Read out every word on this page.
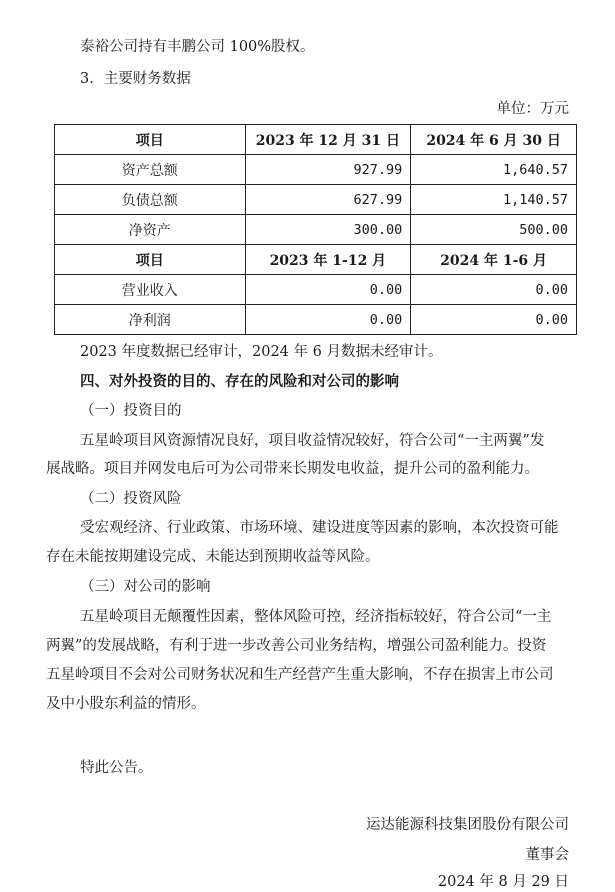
泰裕公司持有丰鹏公司 100%股权。
3．主要财务数据
单位：万元
项目	2023 年 12 月 31 日	2024 年 6 月 30 日
资产总额	927.99	1,640.57
负债总额	627.99	1,140.57
净资产	300.00	500.00
项目	2023 年 1-12 月	2024 年 1-6 月
营业收入	0.00	0.00
净利润	0.00	0.00
2023 年度数据已经审计，2024 年 6 月数据未经审计。
四、对外投资的目的、存在的风险和对公司的影响
（一）投资目的
五星岭项目风资源情况良好，项目收益情况较好，符合公司“一主两翼”发
展战略。项目并网发电后可为公司带来长期发电收益，提升公司的盈利能力。
（二）投资风险
受宏观经济、行业政策、市场环境、建设进度等因素的影响，本次投资可能
存在未能按期建设完成、未能达到预期收益等风险。
（三）对公司的影响
五星岭项目无颠覆性因素，整体风险可控，经济指标较好，符合公司“一主
两翼”的发展战略，有利于进一步改善公司业务结构，增强公司盈利能力。投资
五星岭项目不会对公司财务状况和生产经营产生重大影响，不存在损害上市公司
及中小股东利益的情形。
特此公告。
运达能源科技集团股份有限公司
董事会
2024 年 8 月 29 日
